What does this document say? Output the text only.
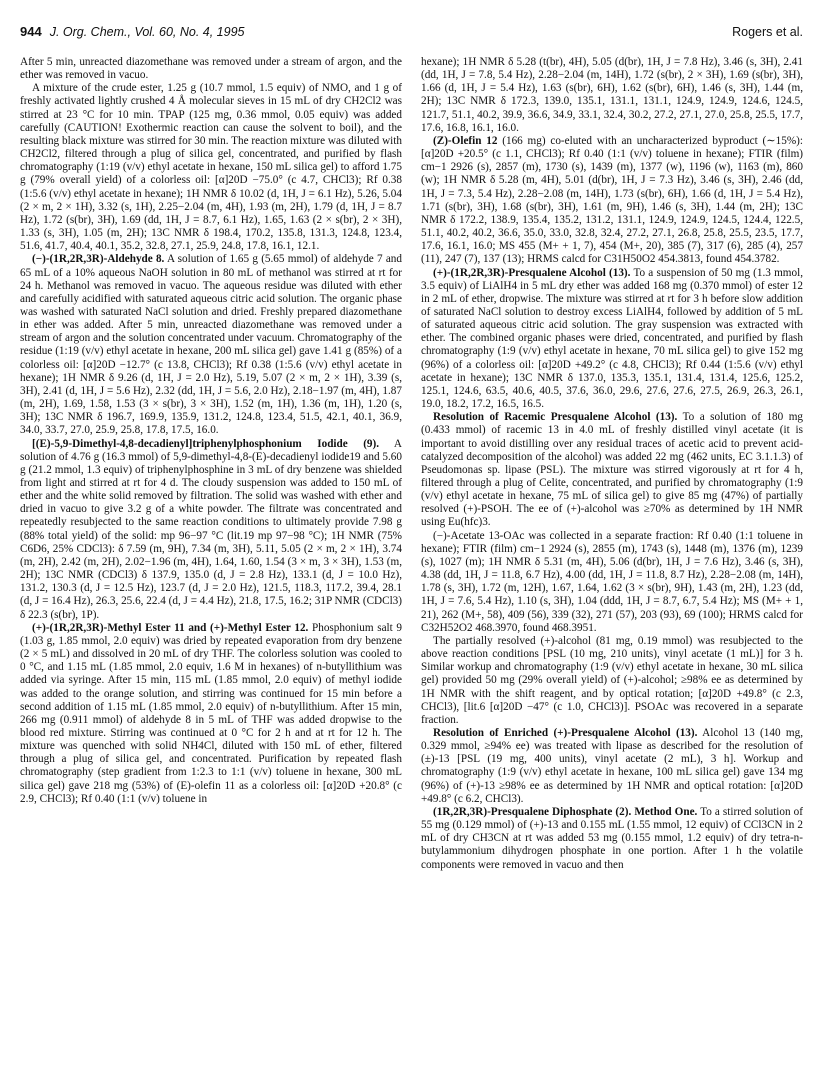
944 J. Org. Chem., Vol. 60, No. 4, 1995	Rogers et al.

After 5 min, unreacted diazomethane was removed under a stream of argon, and the ether was removed in vacuo.

A mixture of the crude ester, 1.25 g (10.7 mmol, 1.5 equiv) of NMO, and 1 g of freshly activated lightly crushed 4 Å molecular sieves in 15 mL of dry CH2Cl2 was stirred at 23 °C for 10 min. TPAP (125 mg, 0.36 mmol, 0.05 equiv) was added carefully (CAUTION! Exothermic reaction can cause the solvent to boil), and the resulting black mixture was stirred for 30 min. The reaction mixture was diluted with CH2Cl2, filtered through a plug of silica gel, concentrated, and purified by flash chromatography (1:19 (v/v) ethyl acetate in hexane, 150 mL silica gel) to afford 1.75 g (79% overall yield) of a colorless oil: [α]20D −75.0° (c 4.7, CHCl3); Rf 0.38 (1:5.6 (v/v) ethyl acetate in hexane); 1H NMR δ 10.02 (d, 1H, J = 6.1 Hz), 5.26, 5.04 (2 × m, 2 × 1H), 3.32 (s, 1H), 2.25−2.04 (m, 4H), 1.93 (m, 2H), 1.79 (d, 1H, J = 8.7 Hz), 1.72 (s(br), 3H), 1.69 (dd, 1H, J = 8.7, 6.1 Hz), 1.65, 1.63 (2 × s(br), 2 × 3H), 1.33 (s, 3H), 1.05 (m, 2H); 13C NMR δ 198.4, 170.2, 135.8, 131.3, 124.8, 123.4, 51.6, 41.7, 40.4, 40.1, 35.2, 32.8, 27.1, 25.9, 24.8, 17.8, 16.1, 12.1.

(−)-(1R,2R,3R)-Aldehyde 8. A solution of 1.65 g (5.65 mmol) of aldehyde 7 and 65 mL of a 10% aqueous NaOH solution in 80 mL of methanol was stirred at rt for 24 h. Methanol was removed in vacuo. The aqueous residue was diluted with ether and carefully acidified with saturated aqueous citric acid solution. The organic phase was washed with saturated NaCl solution and dried. Freshly prepared diazomethane in ether was added. After 5 min, unreacted diazomethane was removed under a stream of argon and the solution concentrated under vacuum. Chromatography of the residue (1:19 (v/v) ethyl acetate in hexane, 200 mL silica gel) gave 1.41 g (85%) of a colorless oil: [α]20D −12.7° (c 13.8, CHCl3); Rf 0.38 (1:5.6 (v/v) ethyl acetate in hexane); 1H NMR δ 9.26 (d, 1H, J = 2.0 Hz), 5.19, 5.07 (2 × m, 2 × 1H), 3.39 (s, 3H), 2.41 (d, 1H, J = 5.6 Hz), 2.32 (dd, 1H, J = 5.6, 2.0 Hz), 2.18−1.97 (m, 4H), 1.87 (m, 2H), 1.69, 1.58, 1.53 (3 × s(br), 3 × 3H), 1.52 (m, 1H), 1.36 (m, 1H), 1.20 (s, 3H); 13C NMR δ 196.7, 169.9, 135.9, 131.2, 124.8, 123.4, 51.5, 42.1, 40.1, 36.9, 34.0, 33.7, 27.0, 25.9, 25.8, 17.8, 17.5, 16.0.

[(E)-5,9-Dimethyl-4,8-decadienyl]triphenylphosphonium Iodide (9). A solution of 4.76 g (16.3 mmol) of 5,9-dimethyl-4,8-(E)-decadienyl iodide19 and 5.60 g (21.2 mmol, 1.3 equiv) of triphenylphosphine in 3 mL of dry benzene was shielded from light and stirred at rt for 4 d. The cloudy suspension was added to 150 mL of ether and the white solid removed by filtration. The solid was washed with ether and dried in vacuo to give 3.2 g of a white powder. The filtrate was concentrated and repeatedly resubjected to the same reaction conditions to ultimately provide 7.98 g (88% total yield) of the solid: mp 96−97 °C (lit.19 mp 97−98 °C); 1H NMR (75% C6D6, 25% CDCl3): δ 7.59 (m, 9H), 7.34 (m, 3H), 5.11, 5.05 (2 × m, 2 × 1H), 3.74 (m, 2H), 2.42 (m, 2H), 2.02−1.96 (m, 4H), 1.64, 1.60, 1.54 (3 × m, 3 × 3H), 1.53 (m, 2H); 13C NMR (CDCl3) δ 137.9, 135.0 (d, J = 2.8 Hz), 133.1 (d, J = 10.0 Hz), 131.2, 130.3 (d, J = 12.5 Hz), 123.7 (d, J = 2.0 Hz), 121.5, 118.3, 117.2, 39.4, 28.1 (d, J = 16.4 Hz), 26.3, 25.6, 22.4 (d, J = 4.4 Hz), 21.8, 17.5, 16.2; 31P NMR (CDCl3) δ 22.3 (s(br), 1P).

(+)-(1R,2R,3R)-Methyl Ester 11 and (+)-Methyl Ester 12. Phosphonium salt 9 (1.03 g, 1.85 mmol, 2.0 equiv) was dried by repeated evaporation from dry benzene (2 × 5 mL) and dissolved in 20 mL of dry THF. The colorless solution was cooled to 0 °C, and 1.15 mL (1.85 mmol, 2.0 equiv, 1.6 M in hexanes) of n-butyllithium was added via syringe. After 15 min, 115 mL (1.85 mmol, 2.0 equiv) of methyl iodide was added to the orange solution, and stirring was continued for 15 min before a second addition of 1.15 mL (1.85 mmol, 2.0 equiv) of n-butyllithium. After 15 min, 266 mg (0.911 mmol) of aldehyde 8 in 5 mL of THF was added dropwise to the blood red mixture. Stirring was continued at 0 °C for 2 h and at rt for 12 h. The mixture was quenched with solid NH4Cl, diluted with 150 mL of ether, filtered through a plug of silica gel, and concentrated. Purification by repeated flash chromatography (step gradient from 1:2.3 to 1:1 (v/v) toluene in hexane, 300 mL silica gel) gave 218 mg (53%) of (E)-olefin 11 as a colorless oil: [α]20D +20.8° (c 2.9, CHCl3); Rf 0.40 (1:1 (v/v) toluene in

hexane); 1H NMR δ 5.28 (t(br), 4H), 5.05 (d(br), 1H, J = 7.8 Hz), 3.46 (s, 3H), 2.41 (dd, 1H, J = 7.8, 5.4 Hz), 2.28−2.04 (m, 14H), 1.72 (s(br), 2 × 3H), 1.69 (s(br), 3H), 1.66 (d, 1H, J = 5.4 Hz), 1.63 (s(br), 6H), 1.62 (s(br), 6H), 1.46 (s, 3H), 1.44 (m, 2H); 13C NMR δ 172.3, 139.0, 135.1, 131.1, 131.1, 124.9, 124.9, 124.6, 124.5, 121.7, 51.1, 40.2, 39.9, 36.6, 34.9, 33.1, 32.4, 30.2, 27.2, 27.1, 27.0, 25.8, 25.5, 17.7, 17.6, 16.8, 16.1, 16.0.

(Z)-Olefin 12 (166 mg) co-eluted with an uncharacterized byproduct (∼15%): [α]20D +20.5° (c 1.1, CHCl3); Rf 0.40 (1:1 (v/v) toluene in hexane); FTIR (film) cm−1 2926 (s), 2857 (m), 1730 (s), 1439 (m), 1377 (w), 1196 (w), 1163 (m), 860 (w); 1H NMR δ 5.28 (m, 4H), 5.01 (d(br), 1H, J = 7.3 Hz), 3.46 (s, 3H), 2.46 (dd, 1H, J = 7.3, 5.4 Hz), 2.28−2.08 (m, 14H), 1.73 (s(br), 6H), 1.66 (d, 1H, J = 5.4 Hz), 1.71 (s(br), 3H), 1.68 (s(br), 3H), 1.61 (m, 9H), 1.46 (s, 3H), 1.44 (m, 2H); 13C NMR δ 172.2, 138.9, 135.4, 135.2, 131.2, 131.1, 124.9, 124.9, 124.5, 124.4, 122.5, 51.1, 40.2, 40.2, 36.6, 35.0, 33.0, 32.8, 32.4, 27.2, 27.1, 26.8, 25.8, 25.5, 23.5, 17.7, 17.6, 16.1, 16.0; MS 455 (M+ + 1, 7), 454 (M+, 20), 385 (7), 317 (6), 285 (4), 257 (11), 247 (7), 137 (13); HRMS calcd for C31H50O2 454.3813, found 454.3782.

(+)-(1R,2R,3R)-Presqualene Alcohol (13). To a suspension of 50 mg (1.3 mmol, 3.5 equiv) of LiAlH4 in 5 mL dry ether was added 168 mg (0.370 mmol) of ester 12 in 2 mL of ether, dropwise. The mixture was stirred at rt for 3 h before slow addition of saturated NaCl solution to destroy excess LiAlH4, followed by addition of 5 mL of saturated aqueous citric acid solution. The gray suspension was extracted with ether. The combined organic phases were dried, concentrated, and purified by flash chromatography (1:9 (v/v) ethyl acetate in hexane, 70 mL silica gel) to give 152 mg (96%) of a colorless oil: [α]20D +49.2° (c 4.8, CHCl3); Rf 0.44 (1:5.6 (v/v) ethyl acetate in hexane); 13C NMR δ 137.0, 135.3, 135.1, 131.4, 131.4, 125.6, 125.2, 125.1, 124.6, 63.5, 40.6, 40.5, 37.6, 36.0, 29.6, 27.6, 27.6, 27.5, 26.9, 26.3, 26.1, 19.0, 18.2, 17.2, 16.5, 16.5.

Resolution of Racemic Presqualene Alcohol (13). To a solution of 180 mg (0.433 mmol) of racemic 13 in 4.0 mL of freshly distilled vinyl acetate (it is important to avoid distilling over any residual traces of acetic acid to prevent acid-catalyzed decomposition of the alcohol) was added 22 mg (462 units, EC 3.1.1.3) of Pseudomonas sp. lipase (PSL). The mixture was stirred vigorously at rt for 4 h, filtered through a plug of Celite, concentrated, and purified by chromatography (1:9 (v/v) ethyl acetate in hexane, 75 mL of silica gel) to give 85 mg (47%) of partially resolved (+)-PSOH. The ee of (+)-alcohol was ≥70% as determined by 1H NMR using Eu(hfc)3.

(−)-Acetate 13-OAc was collected in a separate fraction: Rf 0.40 (1:1 toluene in hexane); FTIR (film) cm−1 2924 (s), 2855 (m), 1743 (s), 1448 (m), 1376 (m), 1239 (s), 1027 (m); 1H NMR δ 5.31 (m, 4H), 5.06 (d(br), 1H, J = 7.6 Hz), 3.46 (s, 3H), 4.38 (dd, 1H, J = 11.8, 6.7 Hz), 4.00 (dd, 1H, J = 11.8, 8.7 Hz), 2.28−2.08 (m, 14H), 1.78 (s, 3H), 1.72 (m, 12H), 1.67, 1.64, 1.62 (3 × s(br), 9H), 1.43 (m, 2H), 1.23 (dd, 1H, J = 7.6, 5.4 Hz), 1.10 (s, 3H), 1.04 (ddd, 1H, J = 8.7, 6.7, 5.4 Hz); MS (M+ + 1, 21), 262 (M+, 58), 409 (56), 339 (32), 271 (57), 203 (93), 69 (100); HRMS calcd for C32H52O2 468.3970, found 468.3951.

The partially resolved (+)-alcohol (81 mg, 0.19 mmol) was resubjected to the above reaction conditions [PSL (10 mg, 210 units), vinyl acetate (1 mL)] for 3 h. Similar workup and chromatography (1:9 (v/v) ethyl acetate in hexane, 30 mL silica gel) provided 50 mg (29% overall yield) of (+)-alcohol; ≥98% ee as determined by 1H NMR with the shift reagent, and by optical rotation; [α]20D +49.8° (c 2.3, CHCl3), [lit.6 [α]20D −47° (c 1.0, CHCl3)]. PSOAc was recovered in a separate fraction.

Resolution of Enriched (+)-Presqualene Alcohol (13). Alcohol 13 (140 mg, 0.329 mmol, ≥94% ee) was treated with lipase as described for the resolution of (±)-13 [PSL (19 mg, 400 units), vinyl acetate (2 mL), 3 h]. Workup and chromatography (1:9 (v/v) ethyl acetate in hexane, 100 mL silica gel) gave 134 mg (96%) of (+)-13 ≥98% ee as determined by 1H NMR and optical rotation: [α]20D +49.8° (c 6.2, CHCl3).

(1R,2R,3R)-Presqualene Diphosphate (2). Method One. To a stirred solution of 55 mg (0.129 mmol) of (+)-13 and 0.155 mL (1.55 mmol, 12 equiv) of CCl3CN in 2 mL of dry CH3CN at rt was added 53 mg (0.155 mmol, 1.2 equiv) of dry tetra-n-butylammonium dihydrogen phosphate in one portion. After 1 h the volatile components were removed in vacuo and then
